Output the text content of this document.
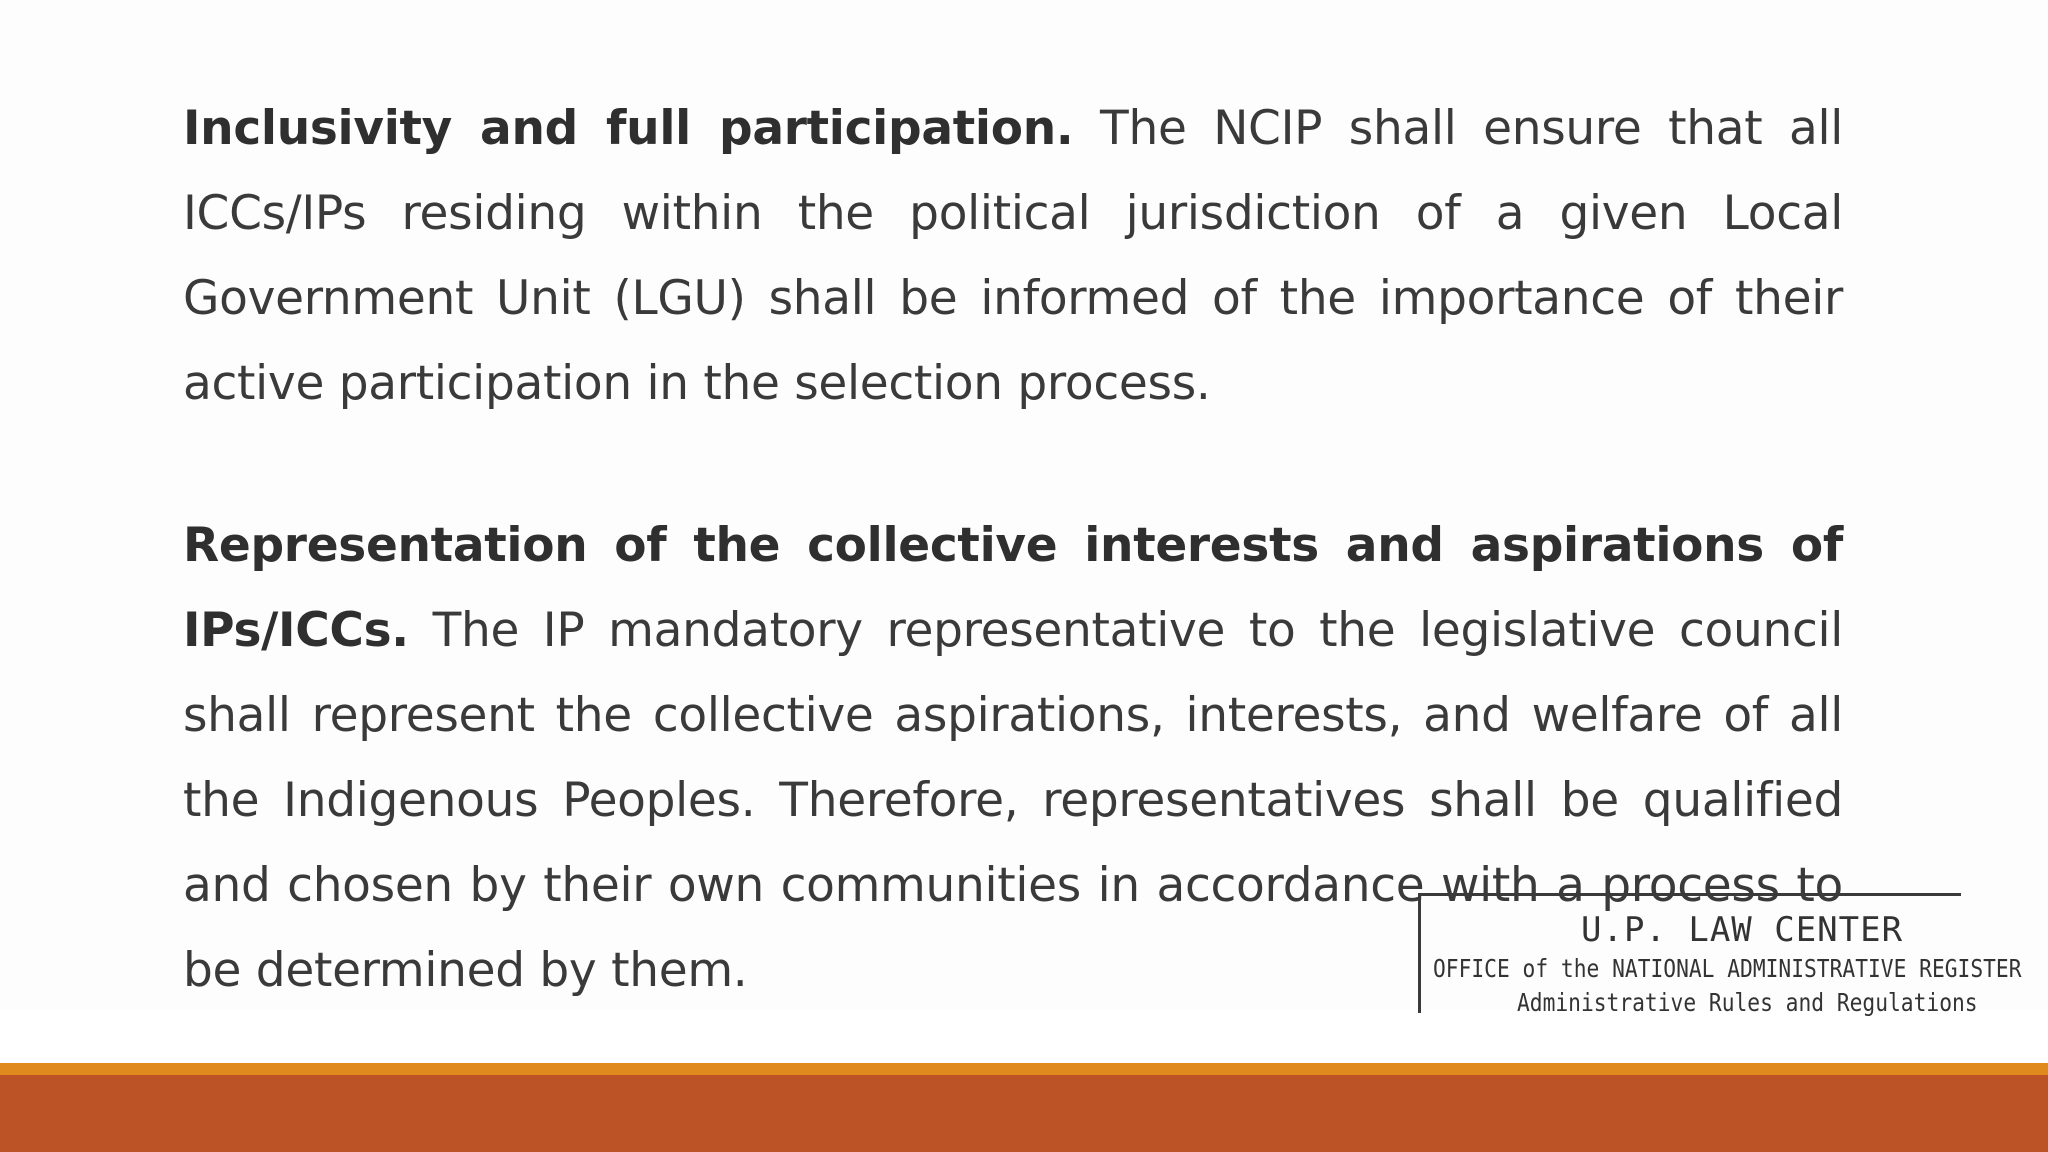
Inclusivity and full participation. The NCIP shall ensure that all ICCs/IPs residing within the political jurisdiction of a given Local Government Unit (LGU) shall be informed of the importance of their active participation in the selection process.

Representation of the collective interests and aspirations of IPs/ICCs. The IP mandatory representative to the legislative council shall represent the collective aspirations, interests, and welfare of all the Indigenous Peoples. Therefore, representatives shall be qualified and chosen by their own communities in accordance with a process to be determined by them.

U.P. LAW CENTER
OFFICE of the NATIONAL ADMINISTRATIVE REGISTER
Administrative Rules and Regulations
